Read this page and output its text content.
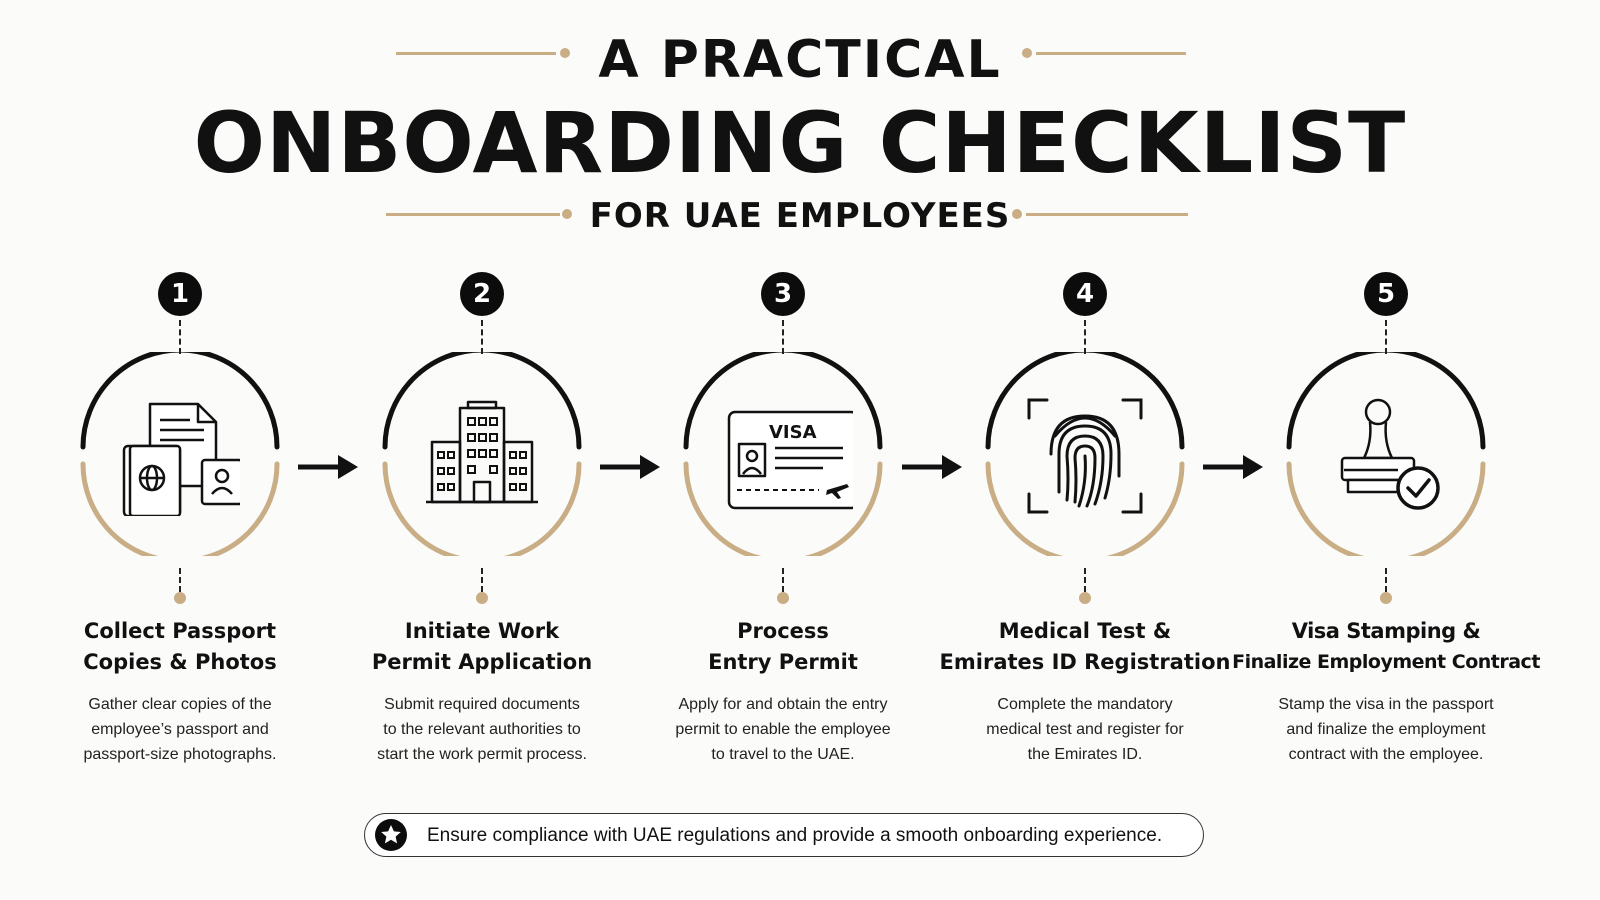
A PRACTICAL
ONBOARDING CHECKLIST
FOR UAE EMPLOYEES
1
Collect Passport
Copies & Photos
Gather clear copies of the
employee’s passport and
passport-size photographs.
2
Initiate Work
Permit Application
Submit required documents
to the relevant authorities to
start the work permit process.
3
VISA
Process
Entry Permit
Apply for and obtain the entry
permit to enable the employee
to travel to the UAE.
4
Medical Test &
Emirates ID Registration
Complete the mandatory
medical test and register for
the Emirates ID.
5
Visa Stamping &
Finalize Employment Contract
Stamp the visa in the passport
and finalize the employment
contract with the employee.
Ensure compliance with UAE regulations and provide a smooth onboarding experience.
